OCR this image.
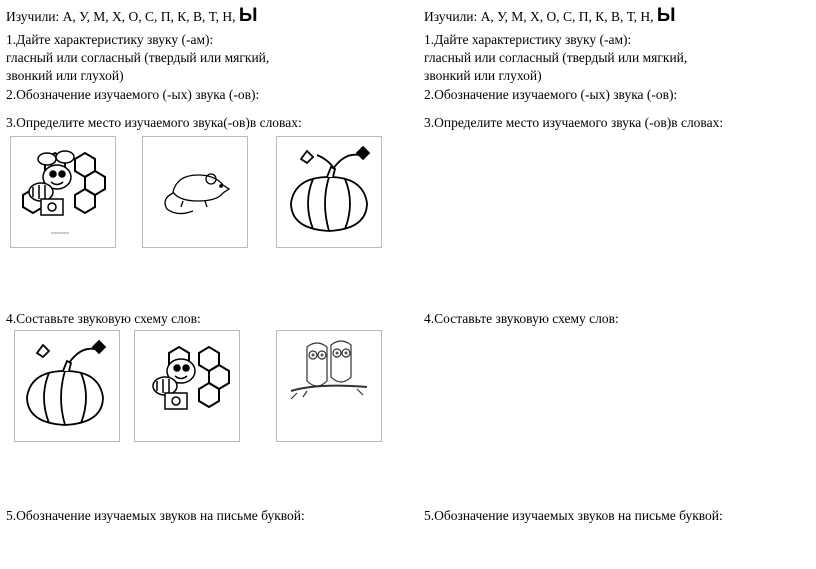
Изучили: А, У, М, Х, О, С, П, К, В, Т, Н, Ы
1.Дайте характеристику звуку (-ам):
гласный или согласный (твердый или мягкий,
звонкий или глухой)
2.Обозначение изучаемого (-ых) звука (-ов):
3.Определите место изучаемого звука(-ов)в словах:
4.Составьте звуковую схему слов:
5.Обозначение изучаемых звуков на письме буквой:
Изучили: А, У, М, Х, О, С, П, К, В, Т, Н, Ы
1.Дайте характеристику звуку (-ам):
гласный или согласный (твердый или мягкий,
звонкий или глухой)
2.Обозначение изучаемого (-ых) звука (-ов):
3.Определите место изучаемого звука (-ов)в словах:
4.Составьте звуковую схему слов:
5.Обозначение изучаемых звуков на письме буквой:
